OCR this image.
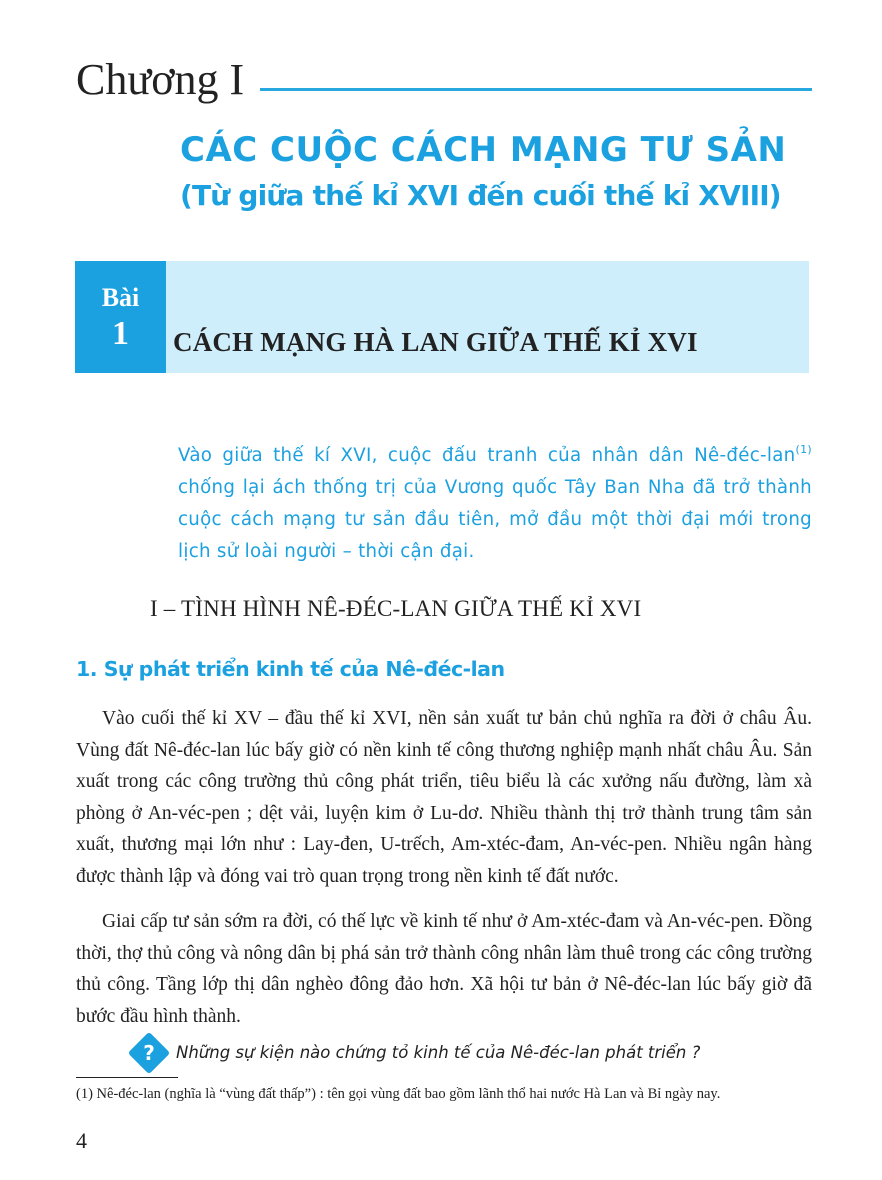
Chương I
CÁC CUỘC CÁCH MẠNG TƯ SẢN
(Từ giữa thế kỉ XVI đến cuối thế kỉ XVIII)
Bài
1	CÁCH MẠNG HÀ LAN GIỮA THẾ KỈ XVI
Vào giữa thế kí XVI, cuộc đấu tranh của nhân dân Nê-đéc-lan$^{(1)}$ chống lại ách thống trị của Vương quốc Tây Ban Nha đã trở thành cuộc cách mạng tư sản đầu tiên, mở đầu một thời đại mới trong lịch sử loài người – thời cận đại.
I – TÌNH HÌNH NÊ-ĐÉC-LAN GIỮA THẾ KỈ XVI
1. Sự phát triển kinh tế của Nê-đéc-lan
Vào cuối thế kỉ XV – đầu thế kỉ XVI, nền sản xuất tư bản chủ nghĩa ra đời ở châu Âu. Vùng đất Nê-đéc-lan lúc bấy giờ có nền kinh tế công thương nghiệp mạnh nhất châu Âu. Sản xuất trong các công trường thủ công phát triển, tiêu biểu là các xưởng nấu đường, làm xà phòng ở An-véc-pen ; dệt vải, luyện kim ở Lu-dơ. Nhiều thành thị trở thành trung tâm sản xuất, thương mại lớn như : Lay-đen, U-trếch, Am-xtéc-đam, An-véc-pen. Nhiều ngân hàng được thành lập và đóng vai trò quan trọng trong nền kinh tế đất nước.
Giai cấp tư sản sớm ra đời, có thế lực về kinh tế như ở Am-xtéc-đam và An-véc-pen. Đồng thời, thợ thủ công và nông dân bị phá sản trở thành công nhân làm thuê trong các công trường thủ công. Tầng lớp thị dân nghèo đông đảo hơn. Xã hội tư bản ở Nê-đéc-lan lúc bấy giờ đã bước đầu hình thành.
?	Những sự kiện nào chứng tỏ kinh tế của Nê-đéc-lan phát triển ?
(1) Nê-đéc-lan (nghĩa là “vùng đất thấp”) : tên gọi vùng đất bao gồm lãnh thổ hai nước Hà Lan và Bỉ ngày nay.
4
